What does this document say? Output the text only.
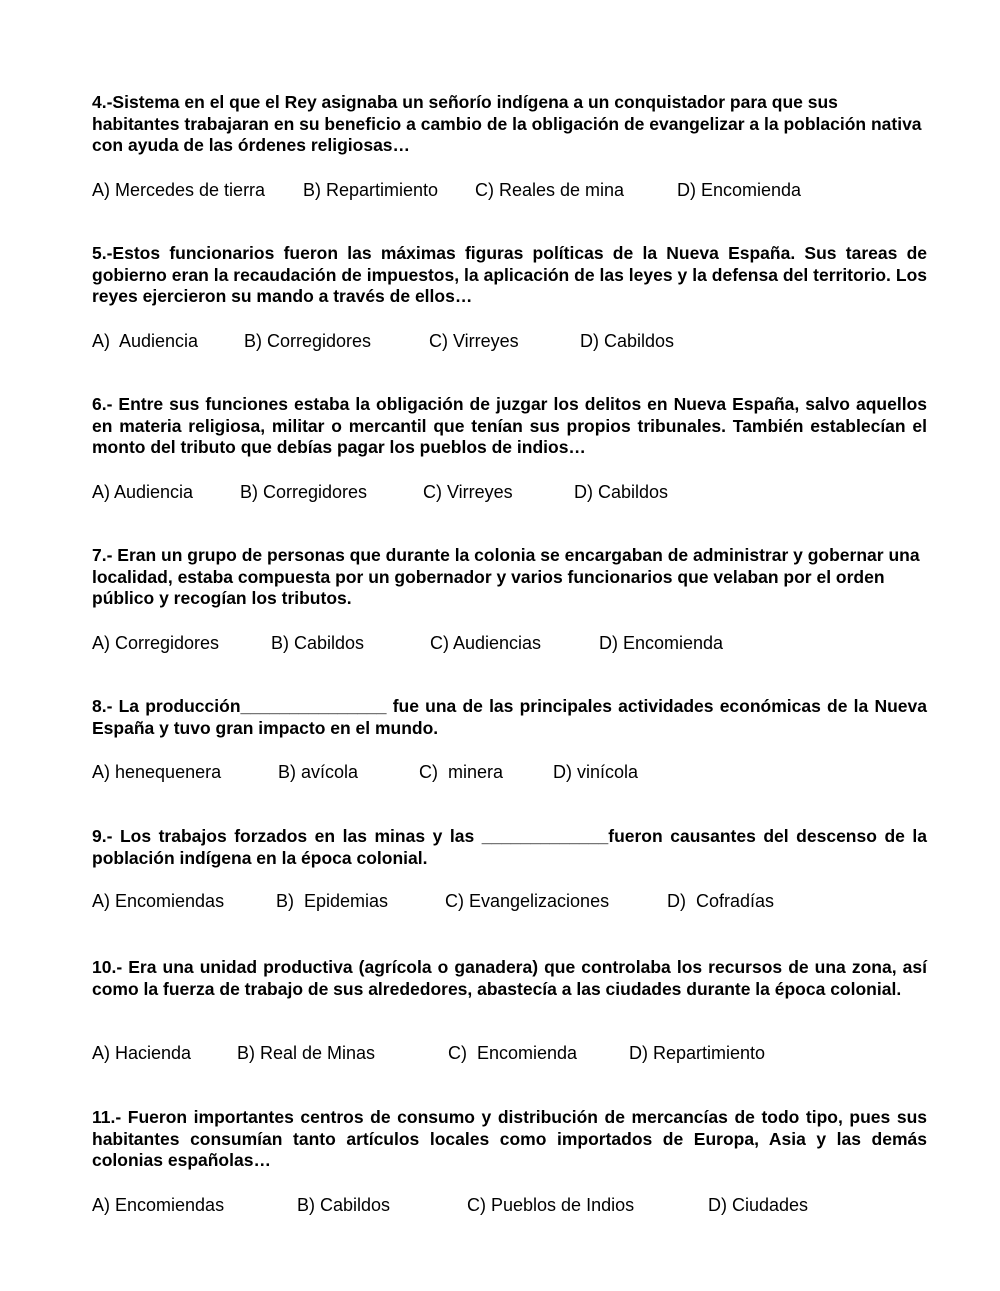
4.-Sistema en el que el Rey asignaba un señorío indígena a un conquistador para que sus habitantes trabajaran en su beneficio a cambio de la obligación de evangelizar a la población nativa con ayuda de las órdenes religiosas…
A) Mercedes de tierra B) Repartimiento C) Reales de mina	D) Encomienda
5.-Estos funcionarios fueron las máximas figuras políticas de la Nueva España. Sus tareas de gobierno eran la recaudación de impuestos, la aplicación de las leyes y la defensa del territorio. Los reyes ejercieron su mando a través de ellos…
A)  Audiencia	B) Corregidores	C) Virreyes	D) Cabildos
6.- Entre sus funciones estaba la obligación de juzgar los delitos en Nueva España, salvo aquellos en materia religiosa, militar o mercantil que tenían sus propios tribunales. También establecían el monto del tributo que debías pagar los pueblos de indios…
A) Audiencia	B) Corregidores	C) Virreyes	D) Cabildos
7.- Eran un grupo de personas que durante la colonia se encargaban de administrar y gobernar una localidad, estaba compuesta por un gobernador y varios funcionarios que velaban por el orden público y recogían los tributos.
A) Corregidores	B) Cabildos	C) Audiencias	D) Encomienda
8.- La producción_______________ fue una de las principales actividades económicas de la Nueva España y tuvo gran impacto en el mundo.
A) henequenera	B) avícola	C)  minera	D) vinícola
9.- Los trabajos forzados en las minas y las _____________fueron causantes del descenso de la población indígena en la época colonial.
A) Encomiendas	B)  Epidemias	C) Evangelizaciones	D)  Cofradías
10.- Era una unidad productiva (agrícola o ganadera) que controlaba los recursos de una zona, así como la fuerza de trabajo de sus alrededores, abastecía a las ciudades durante la época colonial.
A) Hacienda	B) Real de Minas	C)  Encomienda	D) Repartimiento
11.- Fueron importantes centros de consumo y distribución de mercancías de todo tipo, pues sus habitantes consumían tanto artículos locales como importados de Europa, Asia y las demás colonias españolas…
A) Encomiendas	B) Cabildos	C) Pueblos de Indios	D) Ciudades
